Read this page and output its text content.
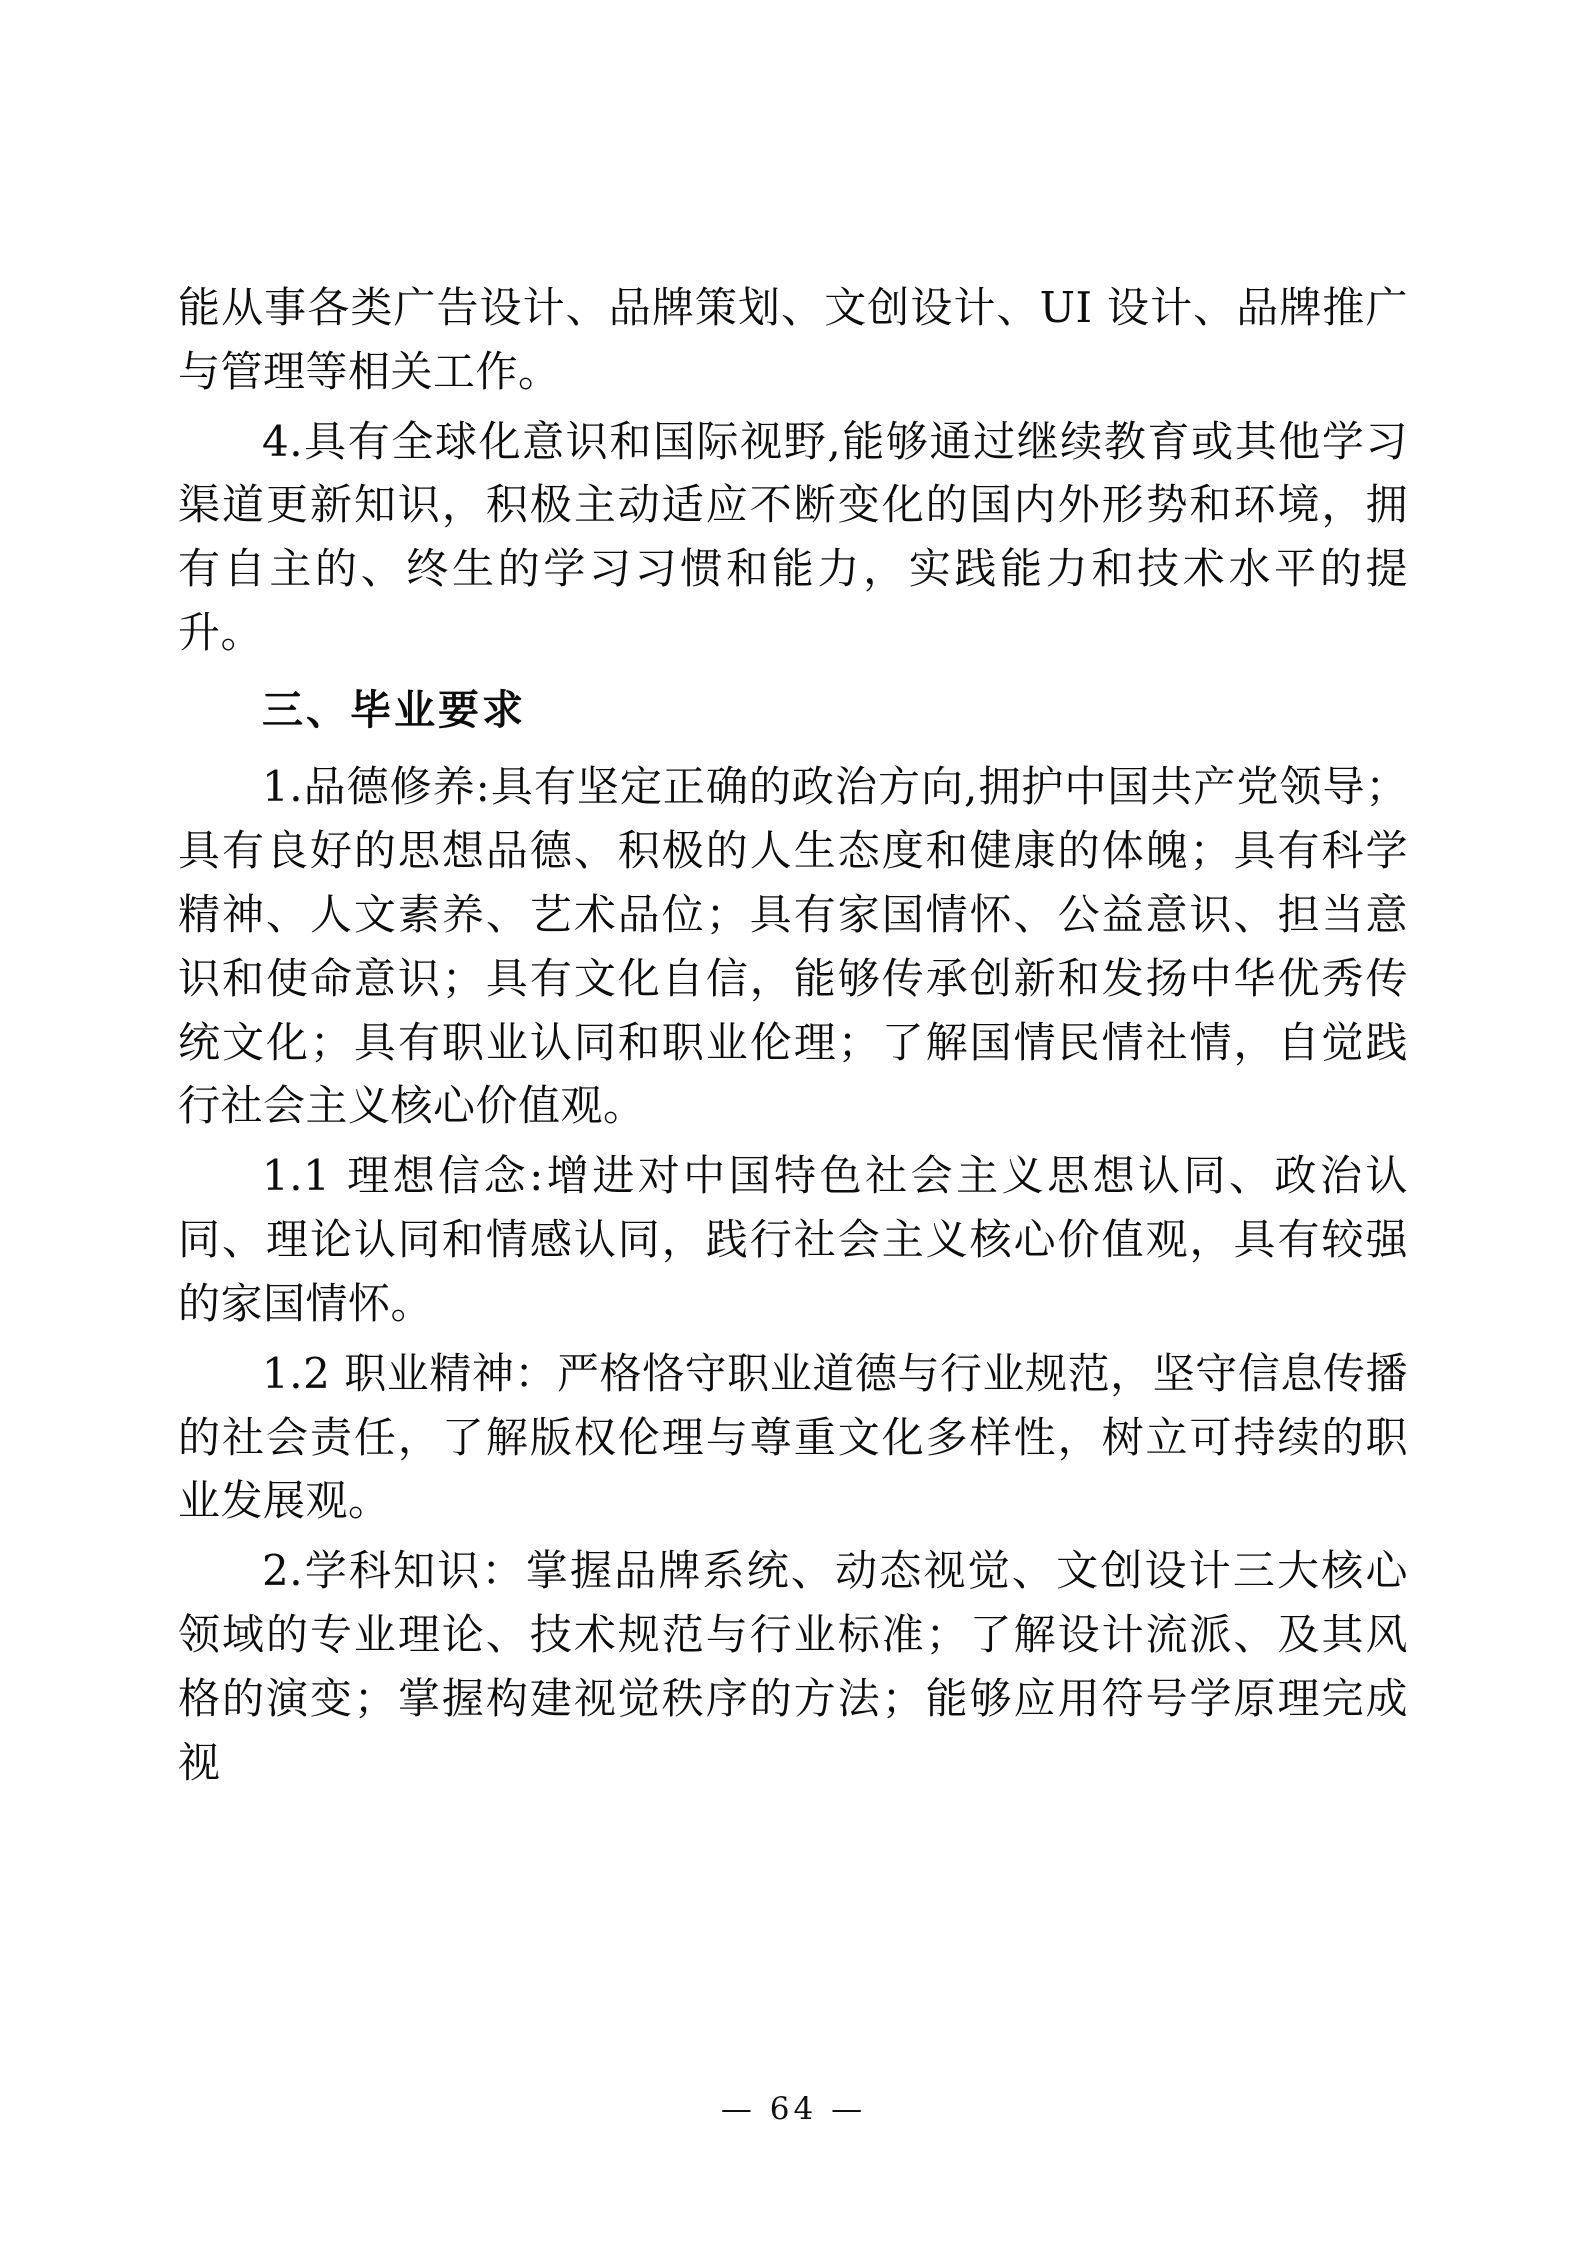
能从事各类广告设计、品牌策划、文创设计、UI 设计、品牌推广与管理等相关工作。

4.具有全球化意识和国际视野,能够通过继续教育或其他学习渠道更新知识，积极主动适应不断变化的国内外形势和环境，拥有自主的、终生的学习习惯和能力，实践能力和技术水平的提升。

三、毕业要求

1.品德修养:具有坚定正确的政治方向,拥护中国共产党领导；具有良好的思想品德、积极的人生态度和健康的体魄；具有科学精神、人文素养、艺术品位；具有家国情怀、公益意识、担当意识和使命意识；具有文化自信，能够传承创新和发扬中华优秀传统文化；具有职业认同和职业伦理；了解国情民情社情，自觉践行社会主义核心价值观。

1.1 理想信念:增进对中国特色社会主义思想认同、政治认同、理论认同和情感认同，践行社会主义核心价值观，具有较强的家国情怀。

1.2 职业精神：严格恪守职业道德与行业规范，坚守信息传播的社会责任，了解版权伦理与尊重文化多样性，树立可持续的职业发展观。

2.学科知识：掌握品牌系统、动态视觉、文创设计三大核心领域的专业理论、技术规范与行业标准；了解设计流派、及其风格的演变；掌握构建视觉秩序的方法；能够应用符号学原理完成视

— 64 —
